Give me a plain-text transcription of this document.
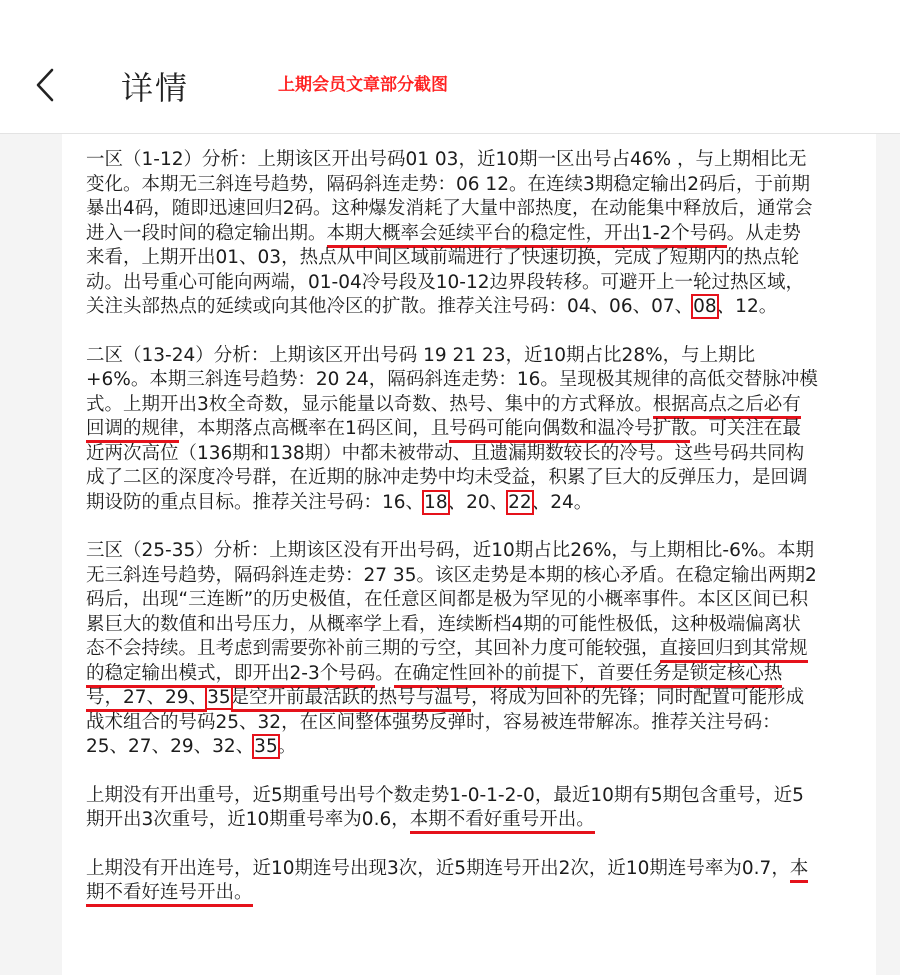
详情	上期会员文章部分截图

一区（1-12）分析：上期该区开出号码01 03，近10期一区出号占46% ，与上期相比无变化。本期无三斜连号趋势，隔码斜连走势：06 12。在连续3期稳定输出2码后，于前期暴出4码，随即迅速回归2码。这种爆发消耗了大量中部热度，在动能集中释放后，通常会进入一段时间的稳定输出期。本期大概率会延续平台的稳定性，开出1-2个号码。从走势来看，上期开出01、03，热点从中间区域前端进行了快速切换，完成了短期内的热点轮动。出号重心可能向两端，01-04冷号段及10-12边界段转移。可避开上一轮过热区域，关注头部热点的延续或向其他冷区的扩散。推荐关注号码：04、06、07、08、12。

二区（13-24）分析：上期该区开出号码 19 21 23，近10期占比28%，与上期比+6%。本期三斜连号趋势：20 24，隔码斜连走势：16。呈现极其规律的高低交替脉冲模式。上期开出3枚全奇数，显示能量以奇数、热号、集中的方式释放。根据高点之后必有回调的规律，本期落点高概率在1码区间，且号码可能向偶数和温冷号扩散。可关注在最近两次高位（136期和138期）中都未被带动、且遗漏期数较长的冷号。这些号码共同构成了二区的深度冷号群，在近期的脉冲走势中均未受益，积累了巨大的反弹压力，是回调期设防的重点目标。推荐关注号码：16、18、20、22、24。

三区（25-35）分析：上期该区没有开出号码，近10期占比26%，与上期相比-6%。本期无三斜连号趋势，隔码斜连走势：27 35。该区走势是本期的核心矛盾。在稳定输出两期2码后，出现“三连断”的历史极值，在任意区间都是极为罕见的小概率事件。本区区间已积累巨大的数值和出号压力，从概率学上看，连续断档4期的可能性极低，这种极端偏离状态不会持续。且考虑到需要弥补前三期的亏空，其回补力度可能较强，直接回归到其常规的稳定输出模式，即开出2-3个号码。在确定性回补的前提下，首要任务是锁定核心热号，27、29、35是空开前最活跃的热号与温号，将成为回补的先锋；同时配置可能形成战术组合的号码25、32，在区间整体强势反弹时，容易被连带解冻。推荐关注号码：25、27、29、32、35。

上期没有开出重号，近5期重号出号个数走势1-0-1-2-0，最近10期有5期包含重号，近5期开出3次重号，近10期重号率为0.6，本期不看好重号开出。

上期没有开出连号，近10期连号出现3次，近5期连号开出2次，近10期连号率为0.7，本期不看好连号开出。
